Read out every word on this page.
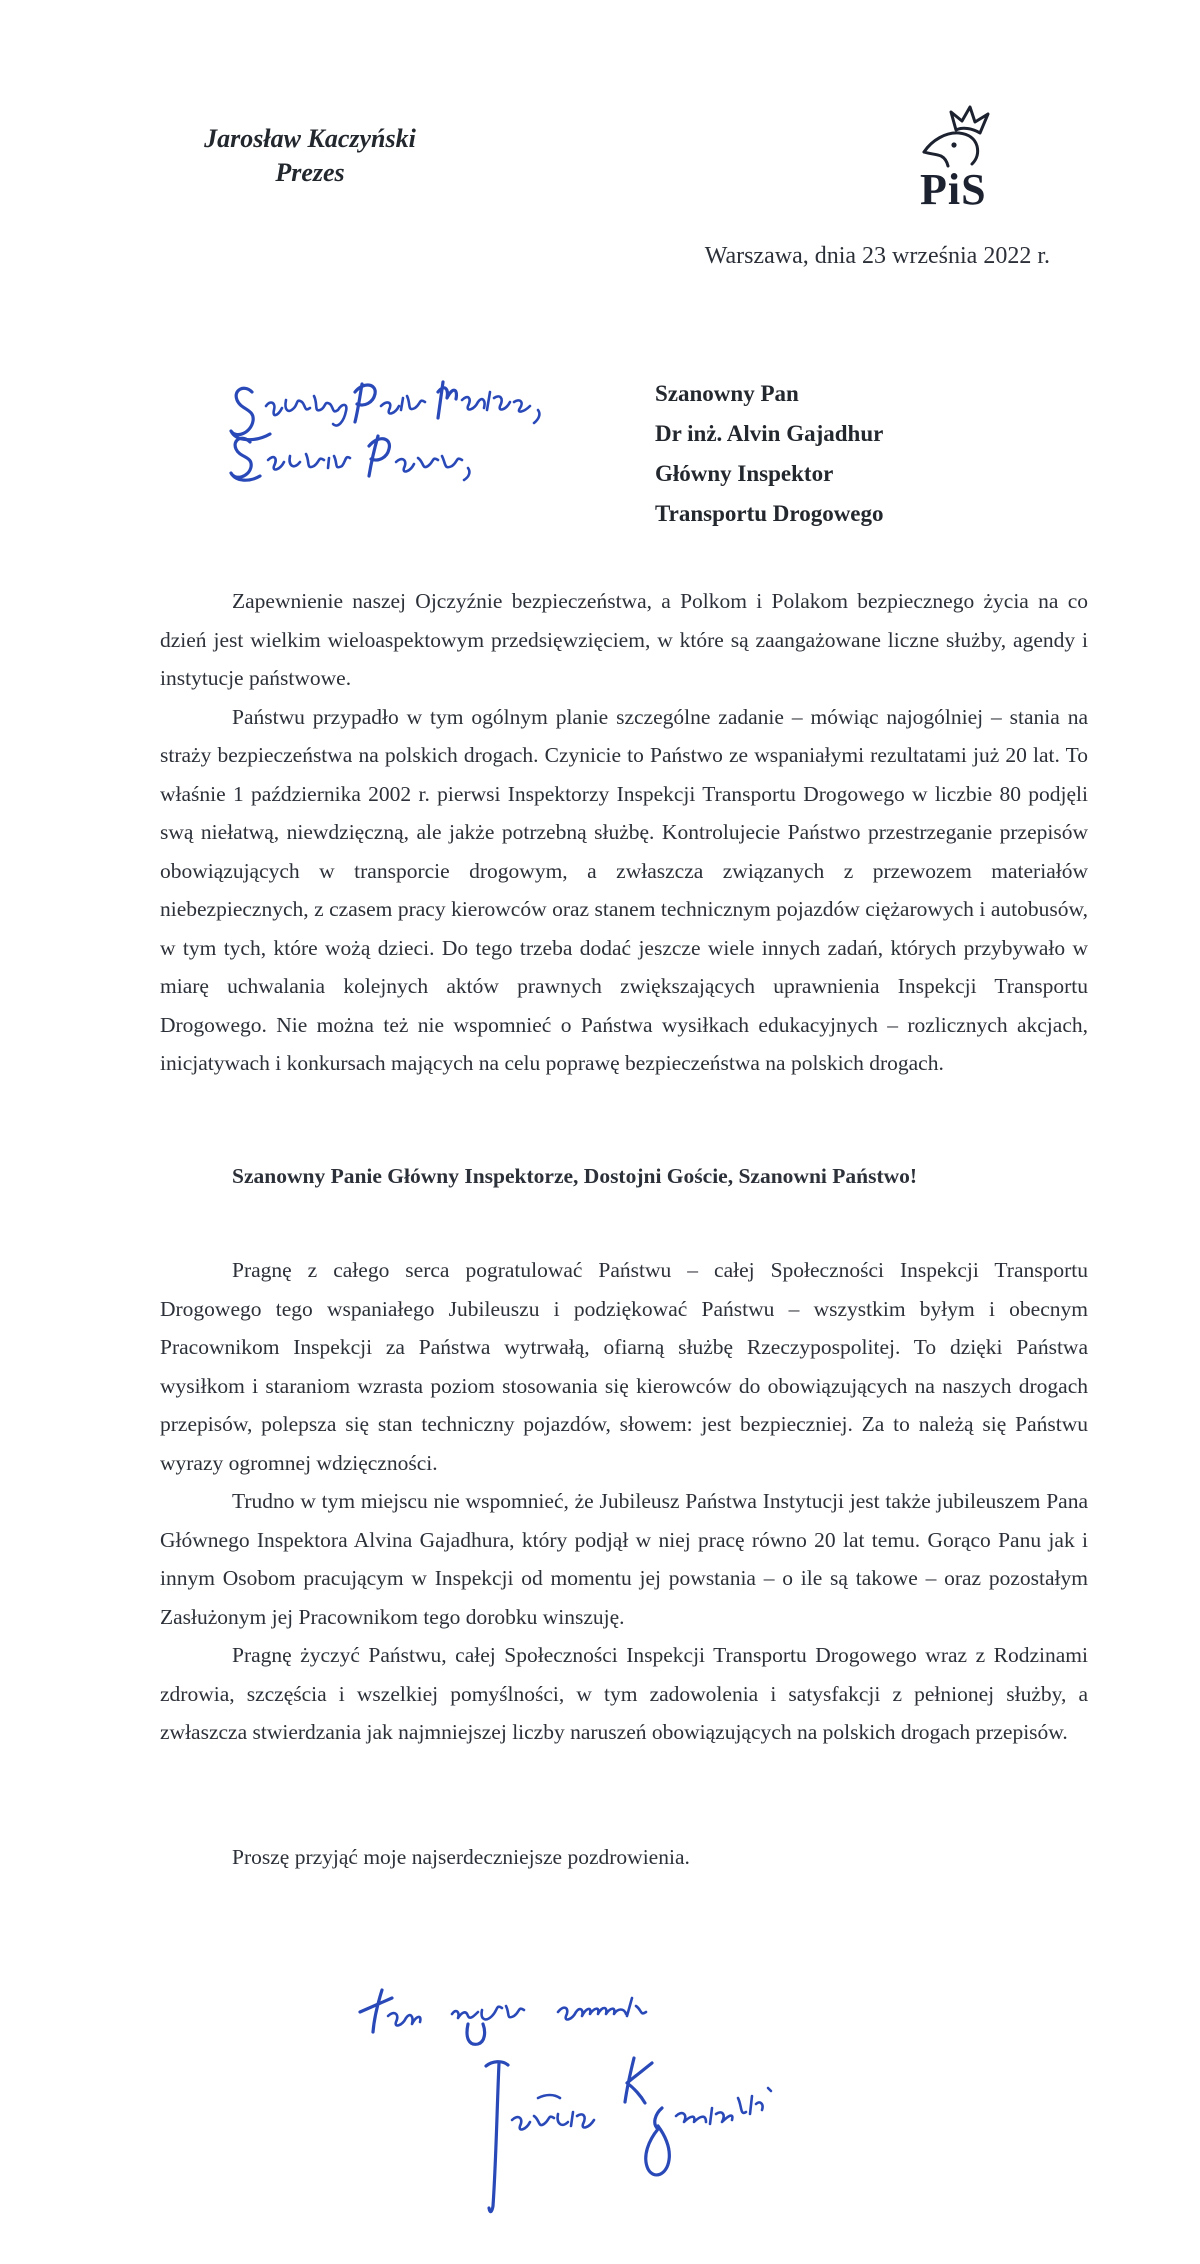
Jarosław Kaczyński
Prezes	PiS
Warszawa, dnia 23 września 2022 r.
Szanowny Pan
Dr inż. Alvin Gajadhur
Główny Inspektor
Transportu Drogowego

Zapewnienie naszej Ojczyźnie bezpieczeństwa, a Polkom i Polakom bezpiecznego życia na co dzień jest wielkim wieloaspektowym przedsięwzięciem, w które są zaangażowane liczne służby, agendy i instytucje państwowe.

Państwu przypadło w tym ogólnym planie szczególne zadanie – mówiąc najogólniej – stania na straży bezpieczeństwa na polskich drogach. Czynicie to Państwo ze wspaniałymi rezultatami już 20 lat. To właśnie 1 października 2002 r. pierwsi Inspektorzy Inspekcji Transportu Drogowego w liczbie 80 podjęli swą niełatwą, niewdzięczną, ale jakże potrzebną służbę. Kontrolujecie Państwo przestrzeganie przepisów obowiązujących w transporcie drogowym, a zwłaszcza związanych z przewozem materiałów niebezpiecznych, z czasem pracy kierowców oraz stanem technicznym pojazdów ciężarowych i autobusów, w tym tych, które wożą dzieci. Do tego trzeba dodać jeszcze wiele innych zadań, których przybywało w miarę uchwalania kolejnych aktów prawnych zwiększających uprawnienia Inspekcji Transportu Drogowego. Nie można też nie wspomnieć o Państwa wysiłkach edukacyjnych – rozlicznych akcjach, inicjatywach i konkursach mających na celu poprawę bezpieczeństwa na polskich drogach.

Szanowny Panie Główny Inspektorze, Dostojni Goście, Szanowni Państwo!

Pragnę z całego serca pogratulować Państwu – całej Społeczności Inspekcji Transportu Drogowego tego wspaniałego Jubileuszu i podziękować Państwu – wszystkim byłym i obecnym Pracownikom Inspekcji za Państwa wytrwałą, ofiarną służbę Rzeczypospolitej. To dzięki Państwa wysiłkom i staraniom wzrasta poziom stosowania się kierowców do obowiązujących na naszych drogach przepisów, polepsza się stan techniczny pojazdów, słowem: jest bezpieczniej. Za to należą się Państwu wyrazy ogromnej wdzięczności.

Trudno w tym miejscu nie wspomnieć, że Jubileusz Państwa Instytucji jest także jubileuszem Pana Głównego Inspektora Alvina Gajadhura, który podjął w niej pracę równo 20 lat temu. Gorąco Panu jak i innym Osobom pracującym w Inspekcji od momentu jej powstania – o ile są takowe – oraz pozostałym Zasłużonym jej Pracownikom tego dorobku winszuję.

Pragnę życzyć Państwu, całej Społeczności Inspekcji Transportu Drogowego wraz z Rodzinami zdrowia, szczęścia i wszelkiej pomyślności, w tym zadowolenia i satysfakcji z pełnionej służby, a zwłaszcza stwierdzania jak najmniejszej liczby naruszeń obowiązujących na polskich drogach przepisów.

Proszę przyjąć moje najserdeczniejsze pozdrowienia.
